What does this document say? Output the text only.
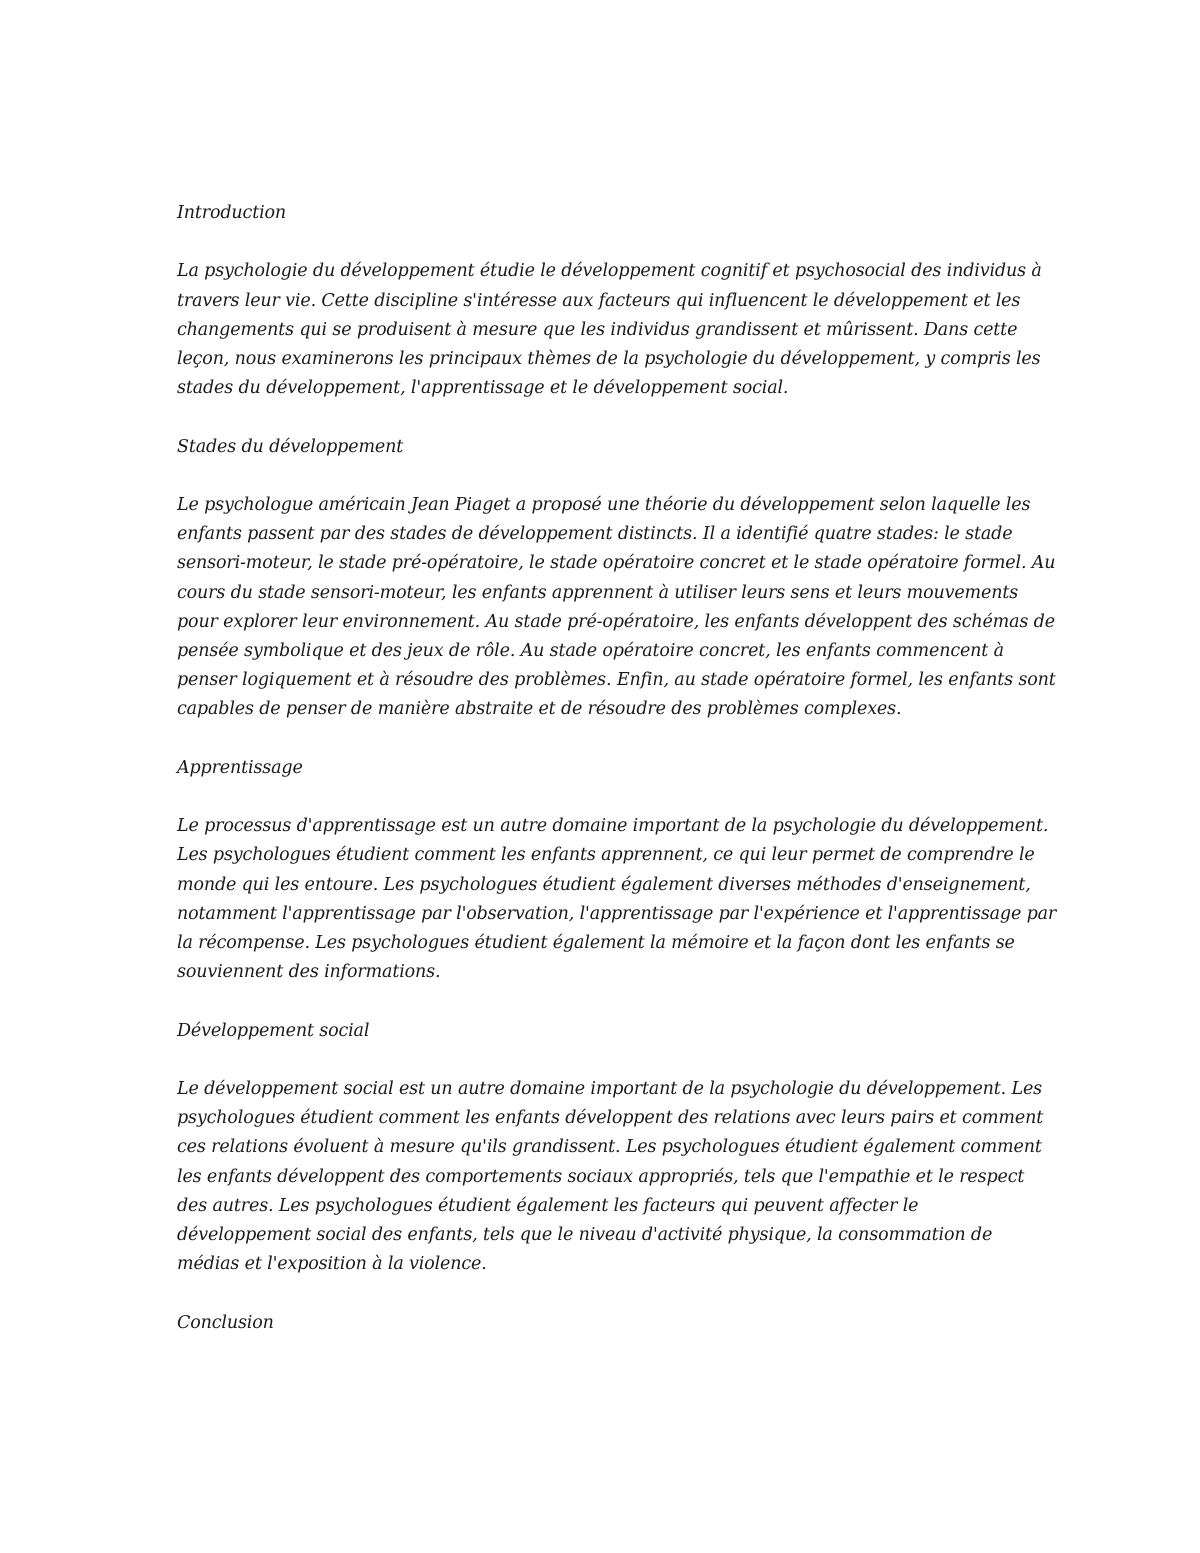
Introduction

La psychologie du développement étudie le développement cognitif et psychosocial des individus à travers leur vie. Cette discipline s'intéresse aux facteurs qui influencent le développement et les changements qui se produisent à mesure que les individus grandissent et mûrissent. Dans cette leçon, nous examinerons les principaux thèmes de la psychologie du développement, y compris les stades du développement, l'apprentissage et le développement social.

Stades du développement

Le psychologue américain Jean Piaget a proposé une théorie du développement selon laquelle les enfants passent par des stades de développement distincts. Il a identifié quatre stades: le stade sensori-moteur, le stade pré-opératoire, le stade opératoire concret et le stade opératoire formel. Au cours du stade sensori-moteur, les enfants apprennent à utiliser leurs sens et leurs mouvements pour explorer leur environnement. Au stade pré-opératoire, les enfants développent des schémas de pensée symbolique et des jeux de rôle. Au stade opératoire concret, les enfants commencent à penser logiquement et à résoudre des problèmes. Enfin, au stade opératoire formel, les enfants sont capables de penser de manière abstraite et de résoudre des problèmes complexes.

Apprentissage

Le processus d'apprentissage est un autre domaine important de la psychologie du développement. Les psychologues étudient comment les enfants apprennent, ce qui leur permet de comprendre le monde qui les entoure. Les psychologues étudient également diverses méthodes d'enseignement, notamment l'apprentissage par l'observation, l'apprentissage par l'expérience et l'apprentissage par la récompense. Les psychologues étudient également la mémoire et la façon dont les enfants se souviennent des informations.

Développement social

Le développement social est un autre domaine important de la psychologie du développement. Les psychologues étudient comment les enfants développent des relations avec leurs pairs et comment ces relations évoluent à mesure qu'ils grandissent. Les psychologues étudient également comment les enfants développent des comportements sociaux appropriés, tels que l'empathie et le respect des autres. Les psychologues étudient également les facteurs qui peuvent affecter le développement social des enfants, tels que le niveau d'activité physique, la consommation de médias et l'exposition à la violence.

Conclusion
